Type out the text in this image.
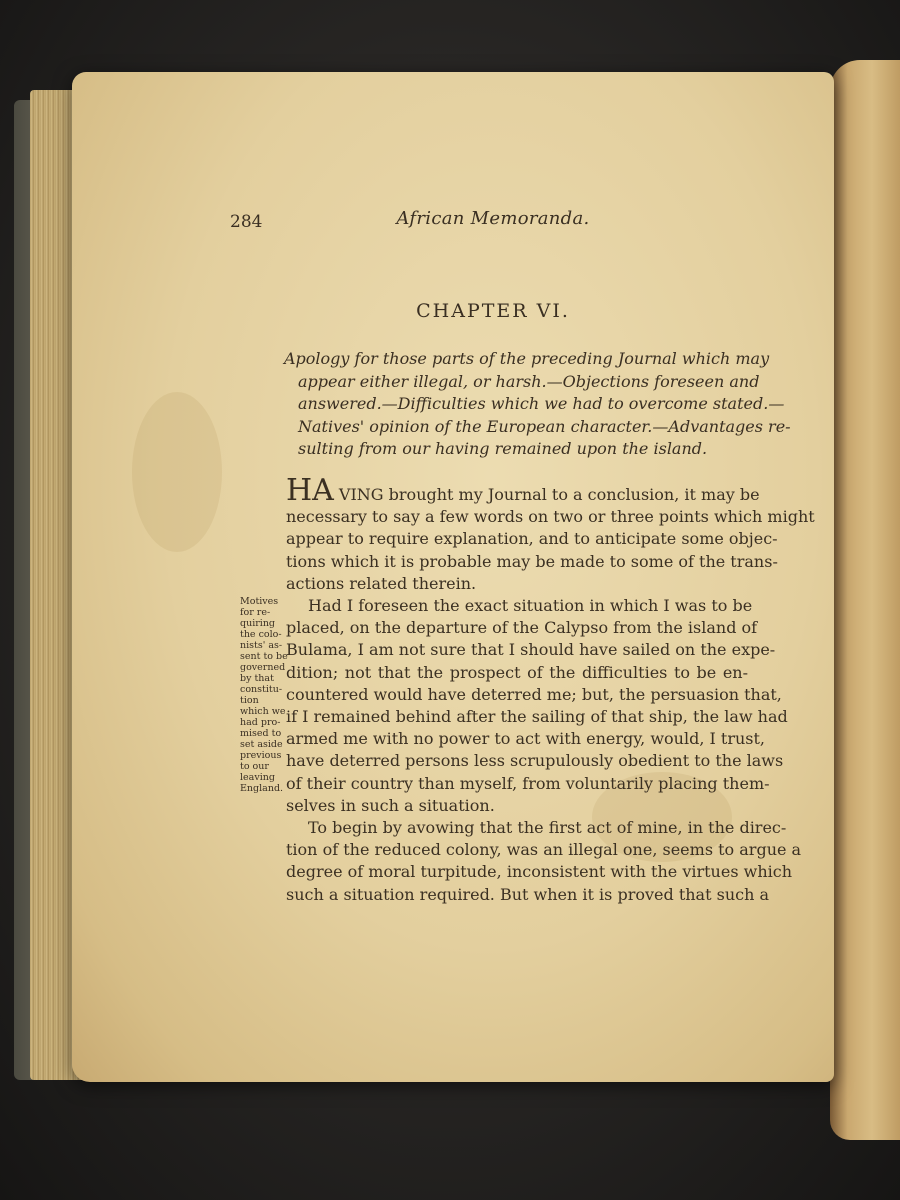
284	African Memoranda.
CHAPTER VI.
Apology for those parts of the preceding Journal which may
appear either illegal, or harsh.—Objections foreseen and
answered.—Difficulties which we had to overcome stated.—
Natives' opinion of the European character.—Advantages re-
sulting from our having remained upon the island.
Motives
for re-
quiring
the colo-
nists' as-
sent to be
governed
by that
constitu-
tion
which we
had pro-
mised to
set aside
previous
to our
leaving
England.
HA VING brought my Journal to a conclusion, it may be
necessary to say a few words on two or three points which might
appear to require explanation, and to anticipate some objec-
tions which it is probable may be made to some of the trans-
actions related therein.
Had I foreseen the exact situation in which I was to be
placed, on the departure of the Calypso from the island of
Bulama, I am not sure that I should have sailed on the expe-
dition; not that the prospect of the difficulties to be en-
countered would have deterred me; but, the persuasion that,
if I remained behind after the sailing of that ship, the law had
armed me with no power to act with energy, would, I trust,
have deterred persons less scrupulously obedient to the laws
of their country than myself, from voluntarily placing them-
selves in such a situation.
To begin by avowing that the first act of mine, in the direc-
tion of the reduced colony, was an illegal one, seems to argue a
degree of moral turpitude, inconsistent with the virtues which
such a situation required. But when it is proved that such a
